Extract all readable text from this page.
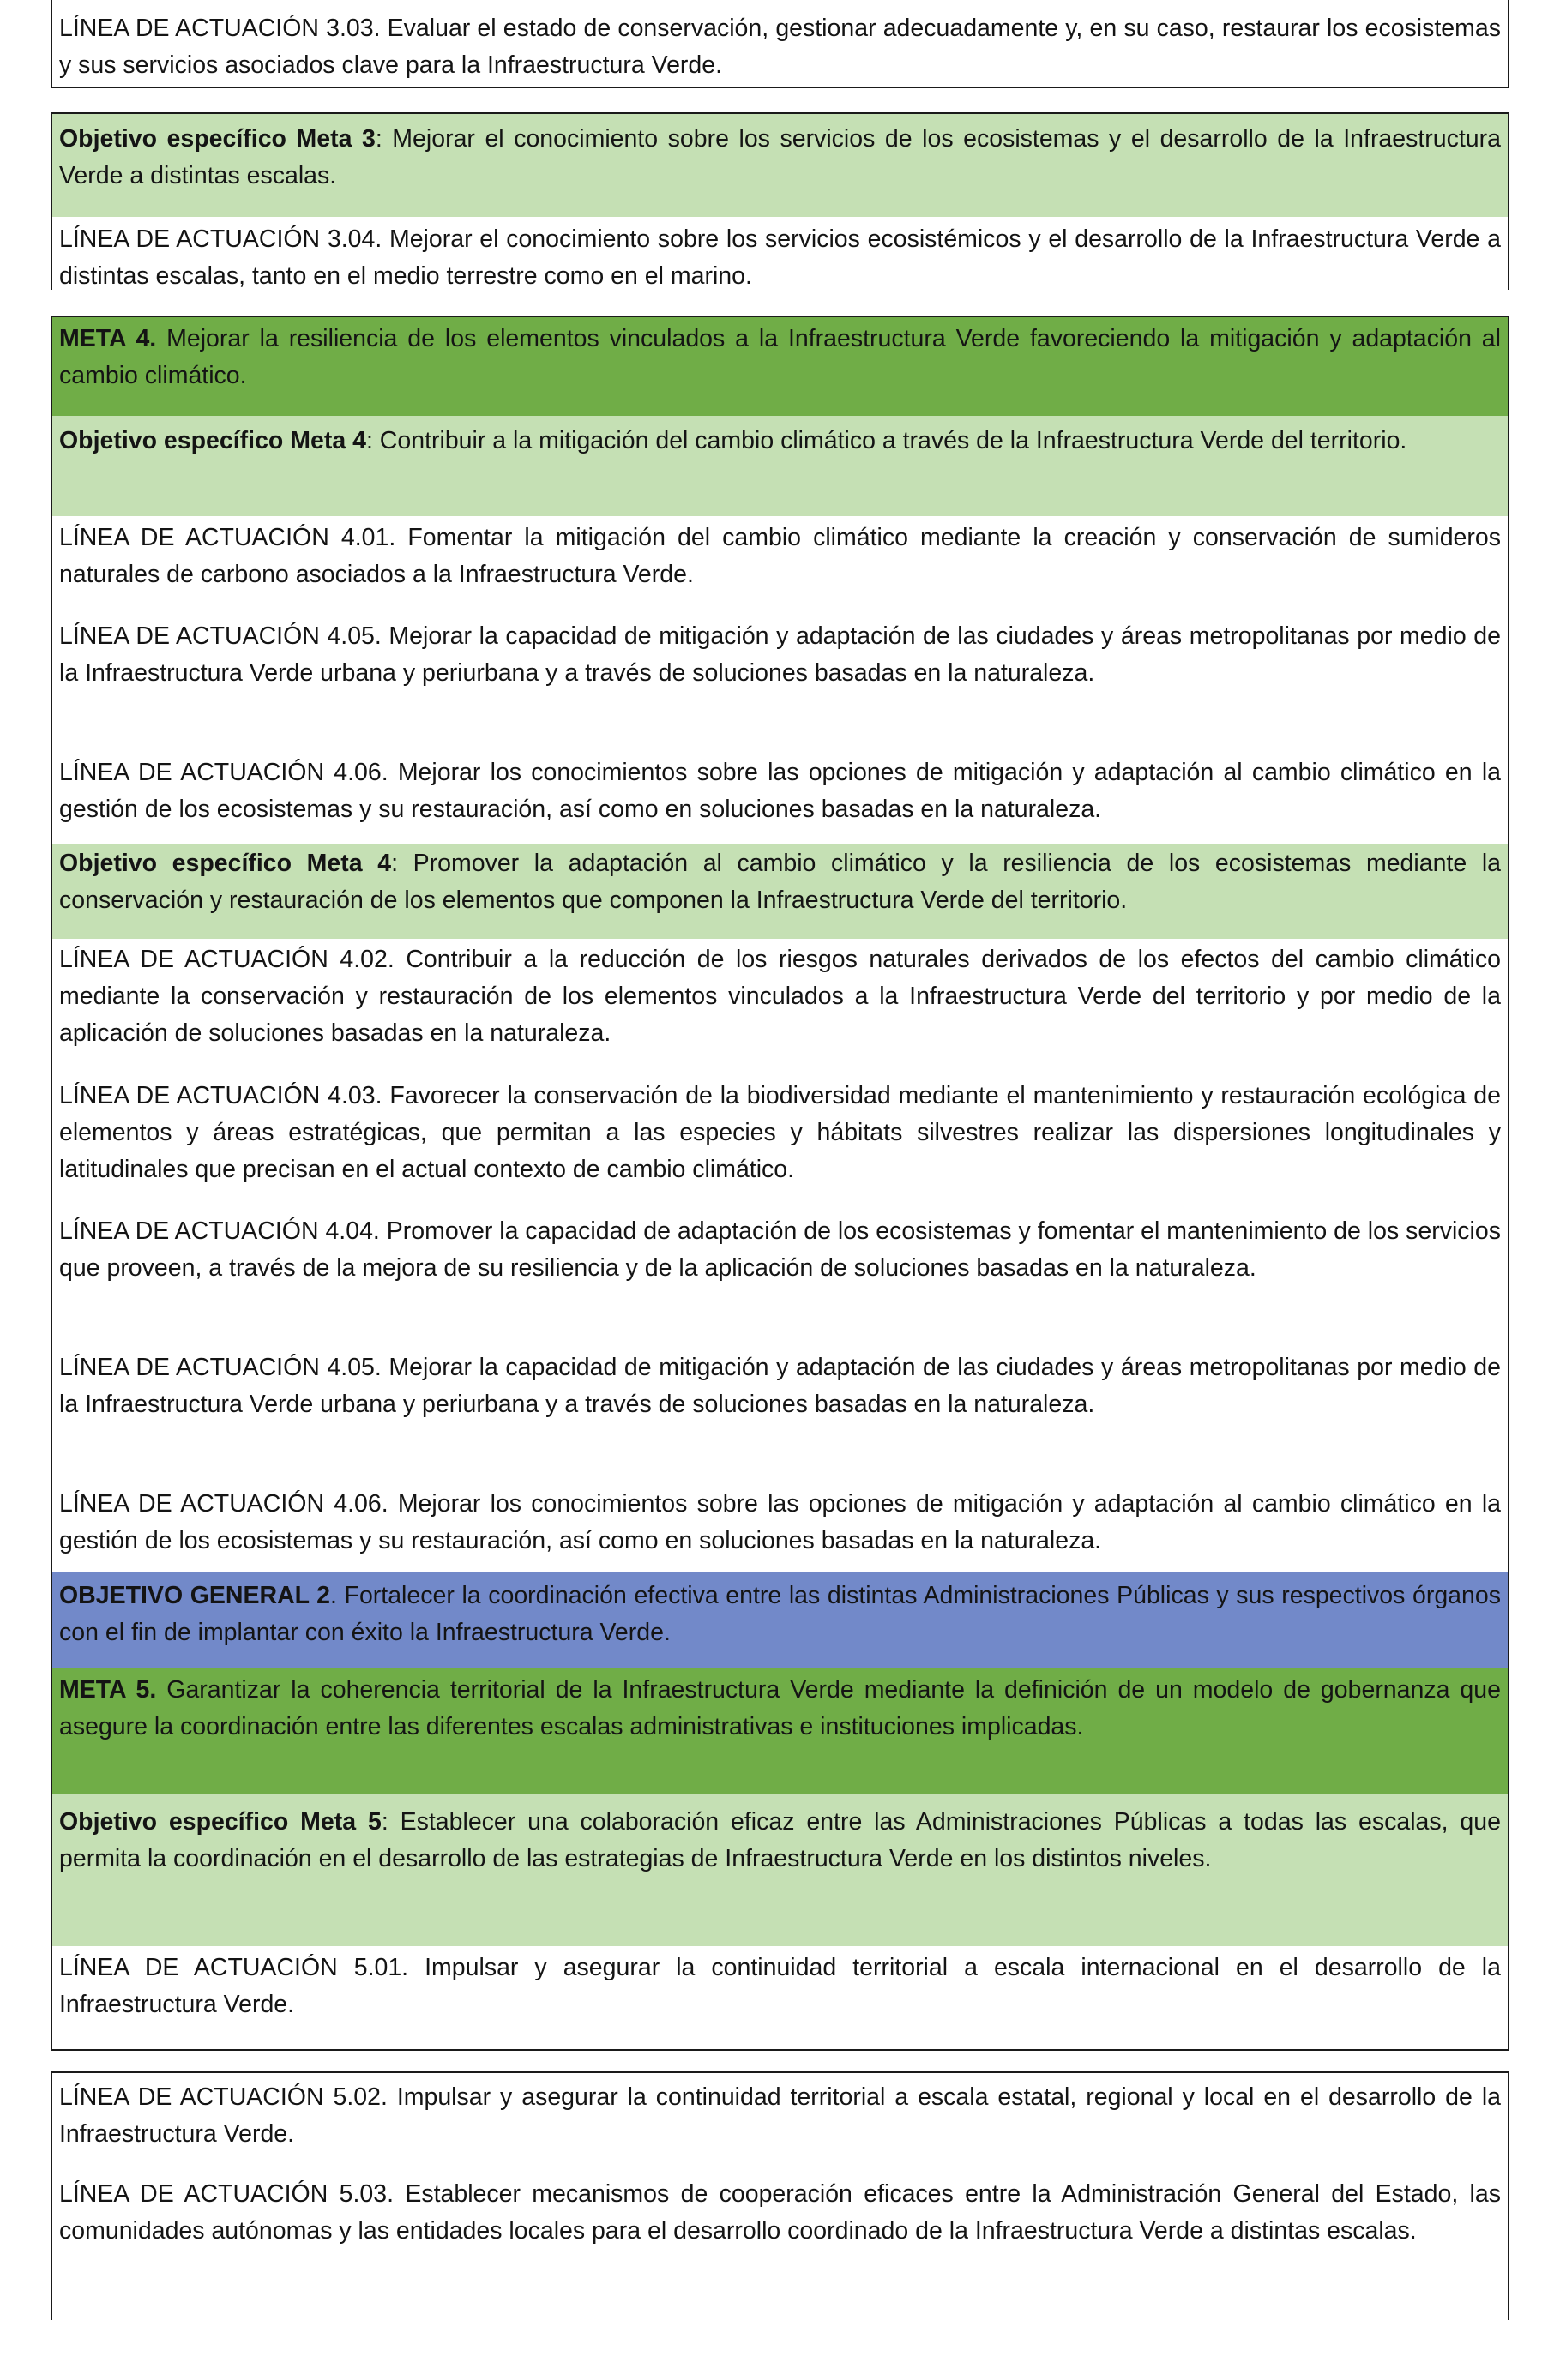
LÍNEA DE ACTUACIÓN 3.03. Evaluar el estado de conservación, gestionar adecuadamente y, en su caso, restaurar los ecosistemas y sus servicios asociados clave para la Infraestructura Verde.

Objetivo específico Meta 3: Mejorar el conocimiento sobre los servicios de los ecosistemas y el desarrollo de la Infraestructura Verde a distintas escalas.

LÍNEA DE ACTUACIÓN 3.04. Mejorar el conocimiento sobre los servicios ecosistémicos y el desarrollo de la Infraestructura Verde a distintas escalas, tanto en el medio terrestre como en el marino.

META 4. Mejorar la resiliencia de los elementos vinculados a la Infraestructura Verde favoreciendo la mitigación y adaptación al cambio climático.

Objetivo específico Meta 4: Contribuir a la mitigación del cambio climático a través de la Infraestructura Verde del territorio.

LÍNEA DE ACTUACIÓN 4.01. Fomentar la mitigación del cambio climático mediante la creación y conservación de sumideros naturales de carbono asociados a la Infraestructura Verde.

LÍNEA DE ACTUACIÓN 4.05. Mejorar la capacidad de mitigación y adaptación de las ciudades y áreas metropolitanas por medio de la Infraestructura Verde urbana y periurbana y a través de soluciones basadas en la naturaleza.

LÍNEA DE ACTUACIÓN 4.06. Mejorar los conocimientos sobre las opciones de mitigación y adaptación al cambio climático en la gestión de los ecosistemas y su restauración, así como en soluciones basadas en la naturaleza.

Objetivo específico Meta 4: Promover la adaptación al cambio climático y la resiliencia de los ecosistemas mediante la conservación y restauración de los elementos que componen la Infraestructura Verde del territorio.

LÍNEA DE ACTUACIÓN 4.02. Contribuir a la reducción de los riesgos naturales derivados de los efectos del cambio climático mediante la conservación y restauración de los elementos vinculados a la Infraestructura Verde del territorio y por medio de la aplicación de soluciones basadas en la naturaleza.

LÍNEA DE ACTUACIÓN 4.03. Favorecer la conservación de la biodiversidad mediante el mantenimiento y restauración ecológica de elementos y áreas estratégicas, que permitan a las especies y hábitats silvestres realizar las dispersiones longitudinales y latitudinales que precisan en el actual contexto de cambio climático.

LÍNEA DE ACTUACIÓN 4.04. Promover la capacidad de adaptación de los ecosistemas y fomentar el mantenimiento de los servicios que proveen, a través de la mejora de su resiliencia y de la aplicación de soluciones basadas en la naturaleza.

LÍNEA DE ACTUACIÓN 4.05. Mejorar la capacidad de mitigación y adaptación de las ciudades y áreas metropolitanas por medio de la Infraestructura Verde urbana y periurbana y a través de soluciones basadas en la naturaleza.

LÍNEA DE ACTUACIÓN 4.06. Mejorar los conocimientos sobre las opciones de mitigación y adaptación al cambio climático en la gestión de los ecosistemas y su restauración, así como en soluciones basadas en la naturaleza.

OBJETIVO GENERAL 2. Fortalecer la coordinación efectiva entre las distintas Administraciones Públicas y sus respectivos órganos con el fin de implantar con éxito la Infraestructura Verde.

META 5. Garantizar la coherencia territorial de la Infraestructura Verde mediante la definición de un modelo de gobernanza que asegure la coordinación entre las diferentes escalas administrativas e instituciones implicadas.

Objetivo específico Meta 5: Establecer una colaboración eficaz entre las Administraciones Públicas a todas las escalas, que permita la coordinación en el desarrollo de las estrategias de Infraestructura Verde en los distintos niveles.

LÍNEA DE ACTUACIÓN 5.01. Impulsar y asegurar la continuidad territorial a escala internacional en el desarrollo de la Infraestructura Verde.

LÍNEA DE ACTUACIÓN 5.02. Impulsar y asegurar la continuidad territorial a escala estatal, regional y local en el desarrollo de la Infraestructura Verde.

LÍNEA DE ACTUACIÓN 5.03. Establecer mecanismos de cooperación eficaces entre la Administración General del Estado, las comunidades autónomas y las entidades locales para el desarrollo coordinado de la Infraestructura Verde a distintas escalas.
